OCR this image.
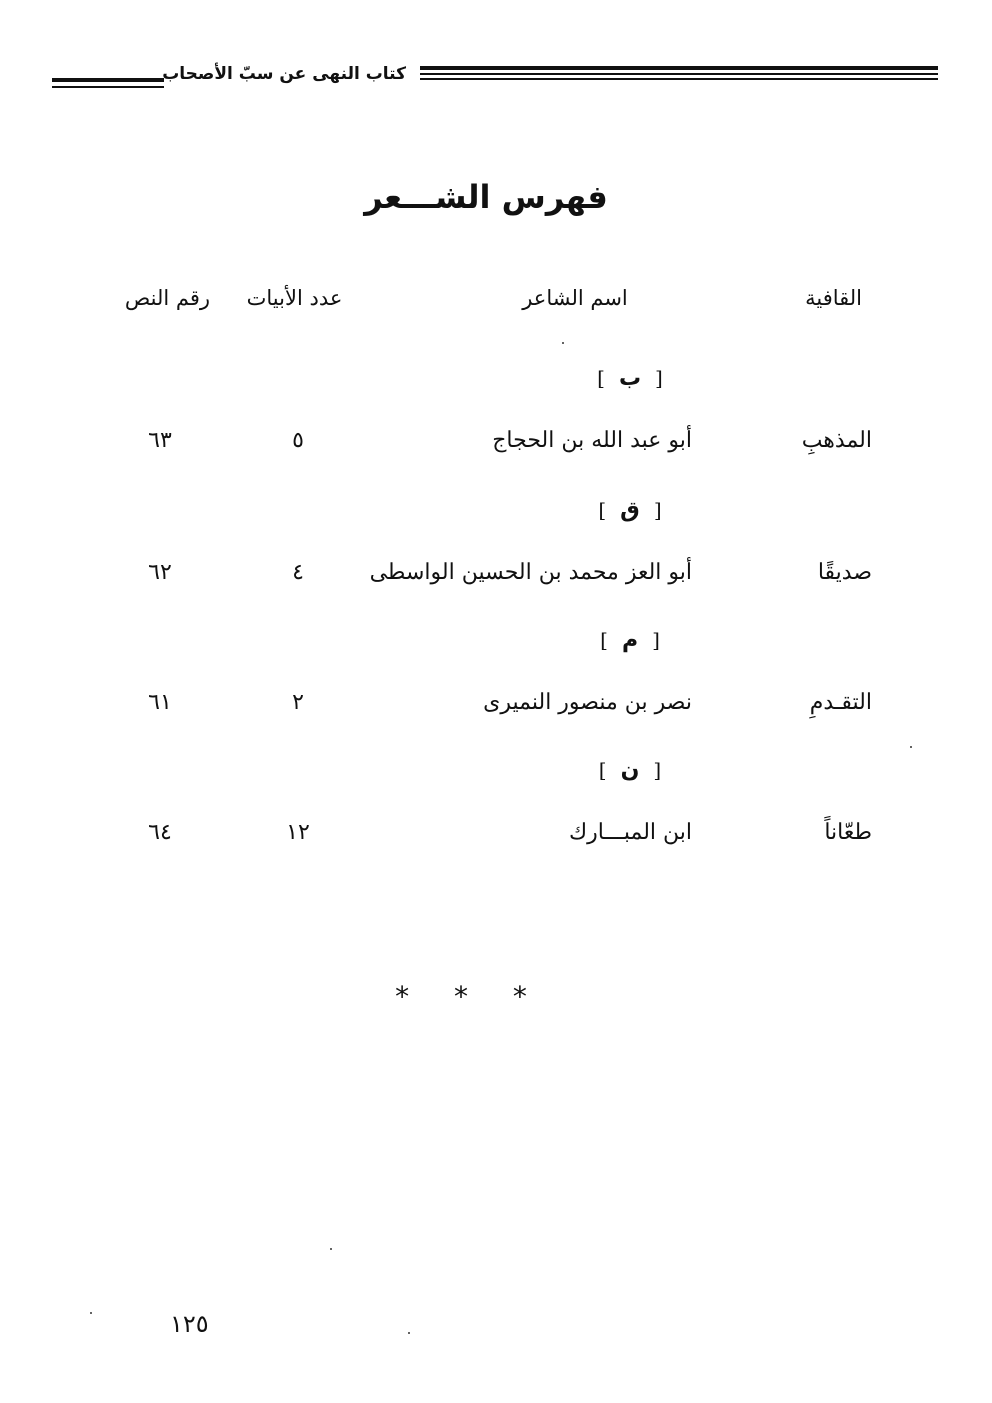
كتاب النهى عن سبّ الأصحاب
فهرس الشـــعر
القافية
اسم الشاعر
عدد الأبيات
رقم النص
[ب]
المذهبِ
أبو عبد الله بن الحجاج
٥
٦٣
[ق]
صديقًا
أبو العز محمد بن الحسين الواسطى
٤
٦٢
[م]
التقـدمِ
نصر بن منصور النميرى
٢
٦١
[ن]
طعّاناً
ابن المبـــارك
١٢
٦٤
* * *
١٢٥
